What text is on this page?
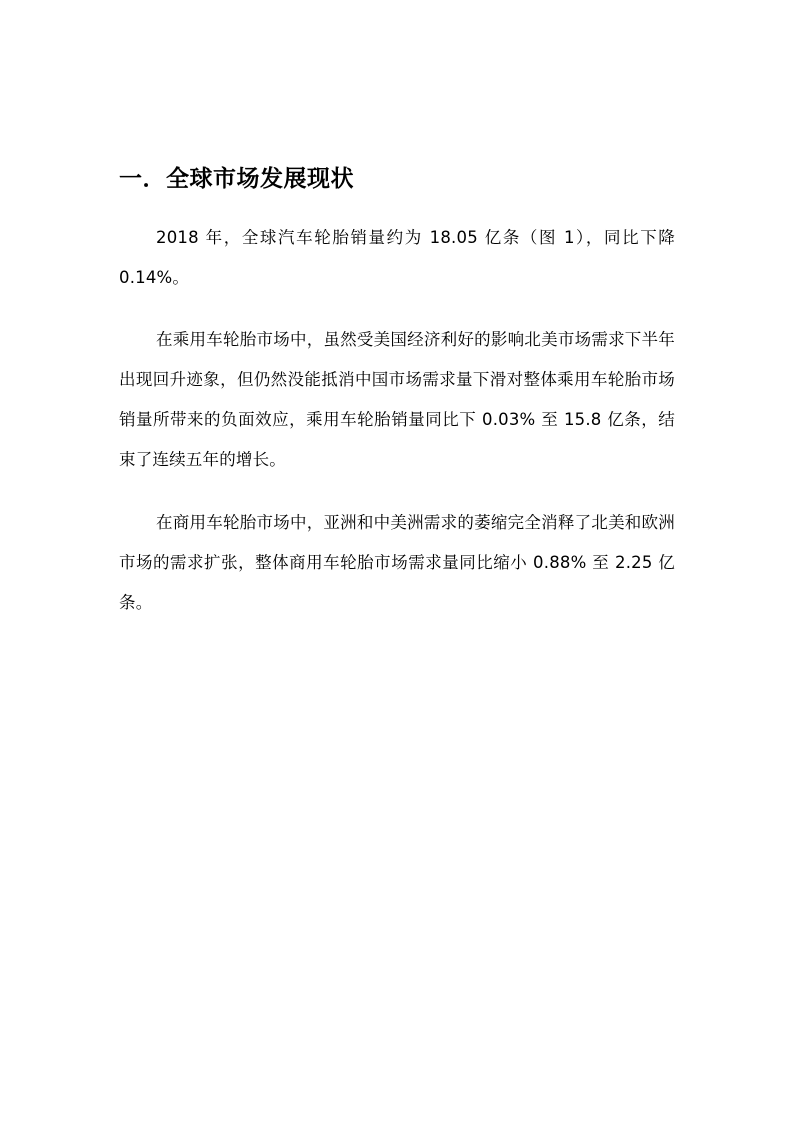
一．全球市场发展现状

2018 年，全球汽车轮胎销量约为 18.05 亿条（图 1），同比下降 0.14%。

在乘用车轮胎市场中，虽然受美国经济利好的影响北美市场需求下半年出现回升迹象，但仍然没能抵消中国市场需求量下滑对整体乘用车轮胎市场销量所带来的负面效应，乘用车轮胎销量同比下 0.03% 至 15.8 亿条，结束了连续五年的增长。

在商用车轮胎市场中，亚洲和中美洲需求的萎缩完全消释了北美和欧洲市场的需求扩张，整体商用车轮胎市场需求量同比缩小 0.88% 至 2.25 亿条。
